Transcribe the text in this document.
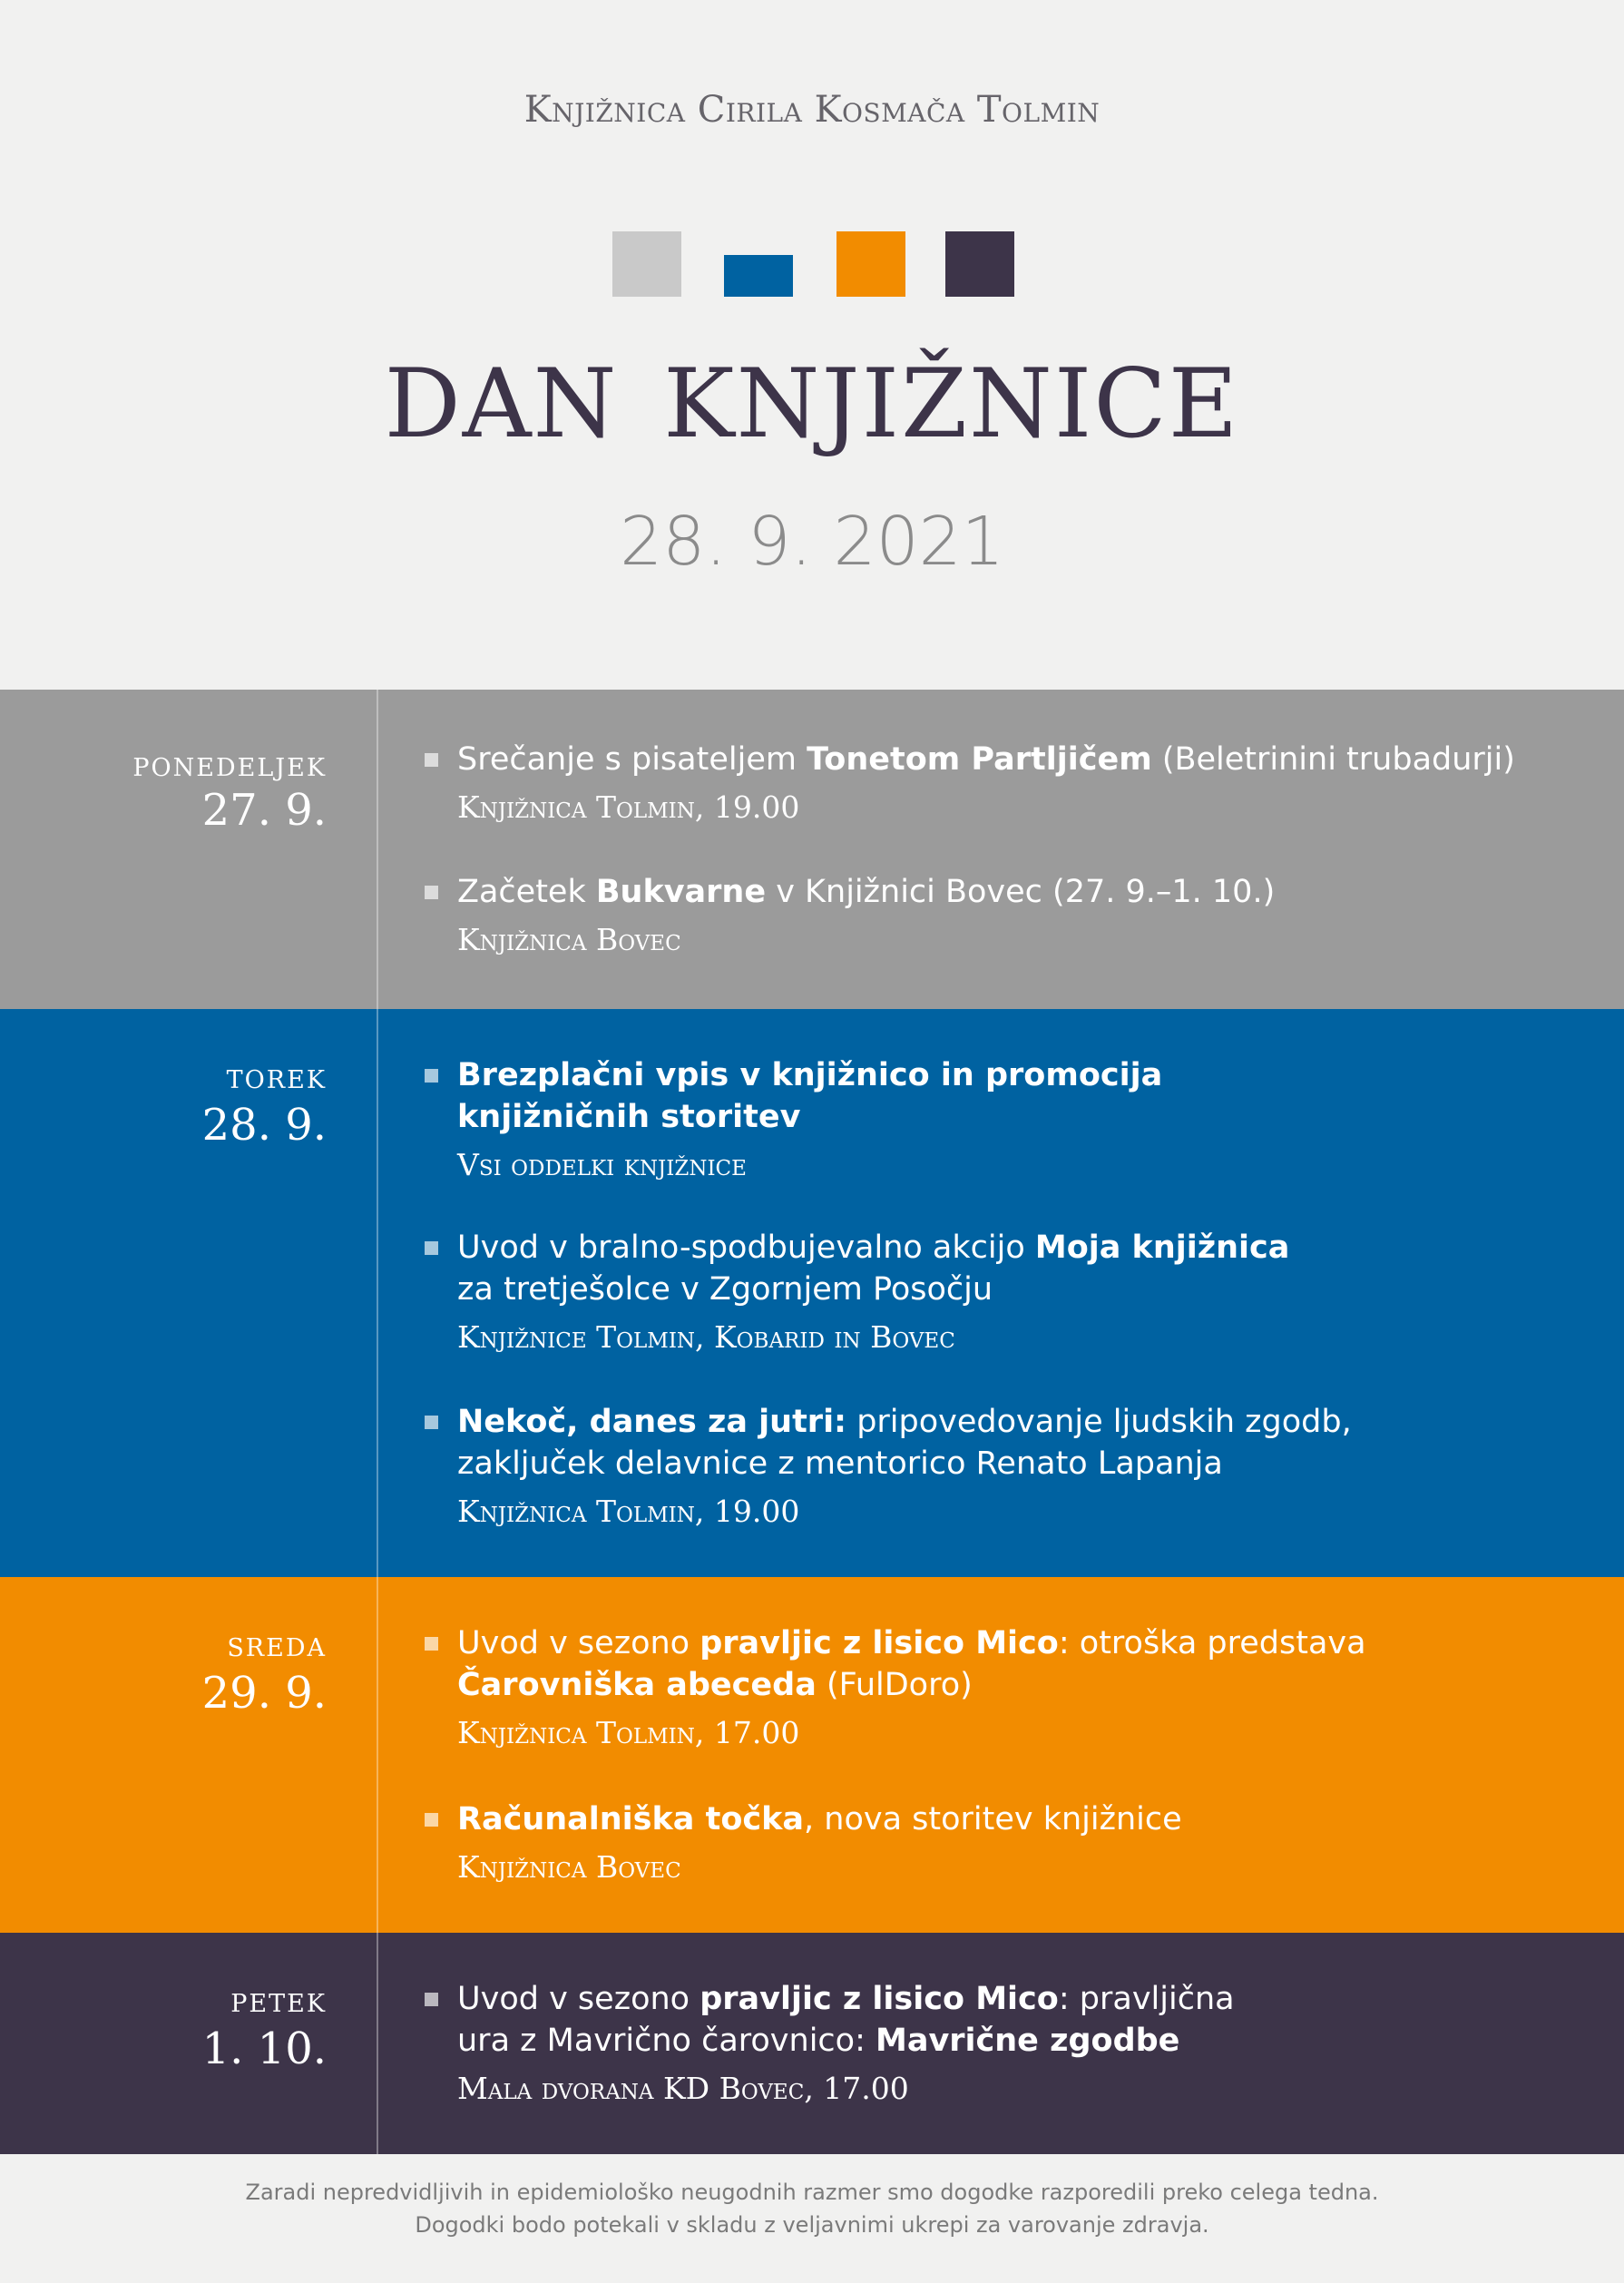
Knjižnica Cirila Kosmača Tolmin
dan knjižnice
28. 9. 2021
ponedeljek
27. 9.
Srečanje s pisateljem Tonetom Partljičem (Beletrinini trubadurji)
Knjižnica Tolmin, 19.00
Začetek Bukvarne v Knjižnici Bovec (27. 9.–1. 10.)
Knjižnica Bovec
torek
28. 9.
Brezplačni vpis v knjižnico in promocija knjižničnih storitev
Vsi oddelki knjižnice
Uvod v bralno-spodbujevalno akcijo Moja knjižnica za tretješolce v Zgornjem Posočju
Knjižnice Tolmin, Kobarid in Bovec
Nekoč, danes za jutri: pripovedovanje ljudskih zgodb, zaključek delavnice z mentorico Renato Lapanja
Knjižnica Tolmin, 19.00
sreda
29. 9.
Uvod v sezono pravljic z lisico Mico: otroška predstava Čarovniška abeceda (FulDoro)
Knjižnica Tolmin, 17.00
Računalniška točka, nova storitev knjižnice
Knjižnica Bovec
petek
1. 10.
Uvod v sezono pravljic z lisico Mico: pravljična ura z Mavrično čarovnico: Mavrične zgodbe
Mala dvorana KD Bovec, 17.00
Zaradi nepredvidljivih in epidemiološko neugodnih razmer smo dogodke razporedili preko celega tedna.
Dogodki bodo potekali v skladu z veljavnimi ukrepi za varovanje zdravja.
